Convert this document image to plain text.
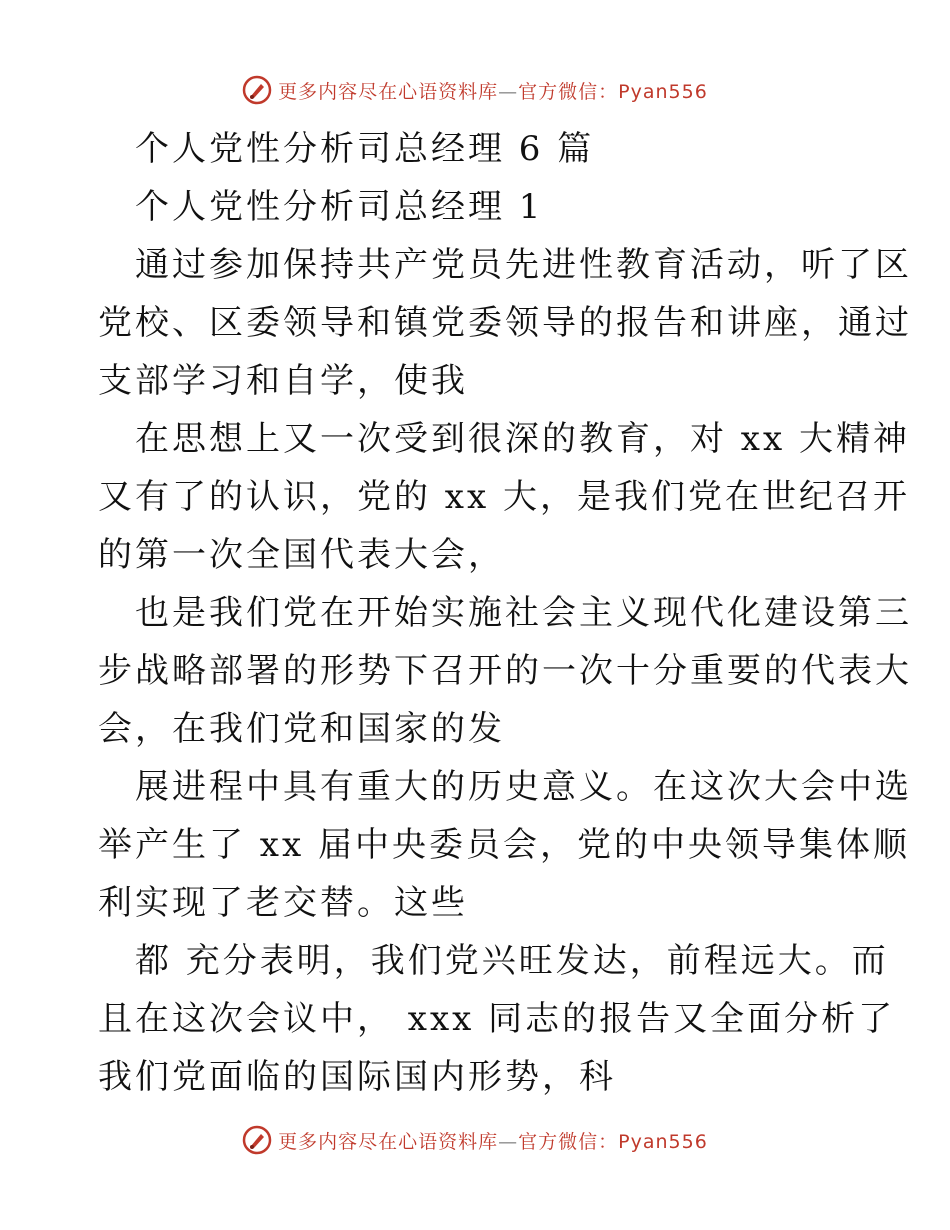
更多内容尽在心语资料库—官方微信：Pyan556
个人党性分析司总经理 6 篇
个人党性分析司总经理 1
通过参加保持共产党员先进性教育活动，听了区
党校、区委领导和镇党委领导的报告和讲座，通过
支部学习和自学，使我
在思想上又一次受到很深的教育，对 xx 大精神
又有了的认识，党的 xx 大，是我们党在世纪召开
的第一次全国代表大会，
也是我们党在开始实施社会主义现代化建设第三
步战略部署的形势下召开的一次十分重要的代表大
会，在我们党和国家的发
展进程中具有重大的历史意义。在这次大会中选
举产生了 xx 届中央委员会，党的中央领导集体顺
利实现了老交替。这些
都 充分表明，我们党兴旺发达，前程远大。而
且在这次会议中， xxx 同志的报告又全面分析了
我们党面临的国际国内形势，科
更多内容尽在心语资料库—官方微信：Pyan556
